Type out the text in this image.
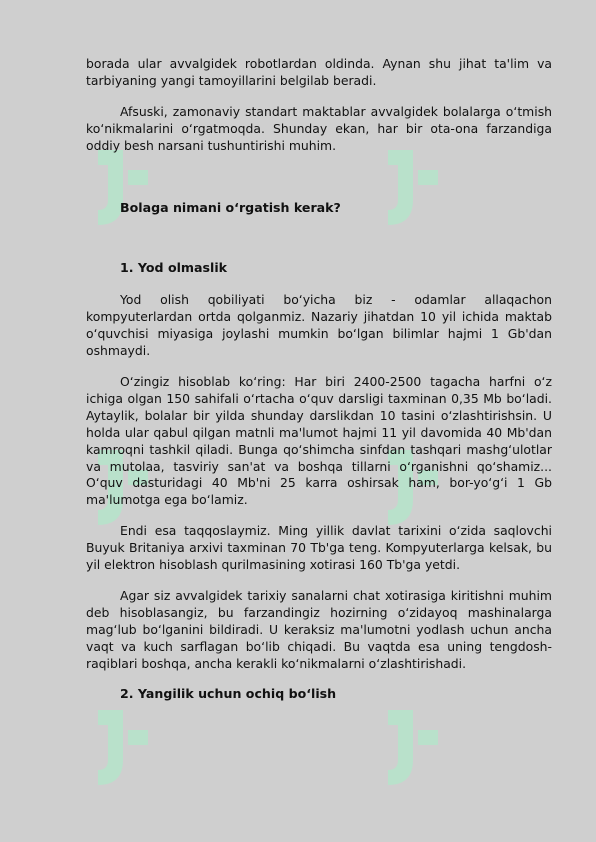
borada ular avvalgidek robotlardan oldinda. Aynan shu jihat ta'lim va tarbiyaning yangi tamoyillarini belgilab beradi.

Afsuski, zamonaviy standart maktablar avvalgidek bolalarga o‘tmish ko‘nikmalarini o‘rgatmoqda. Shunday ekan, har bir ota-ona farzandiga oddiy besh narsani tushuntirishi muhim.

Bolaga nimani o‘rgatish kerak?
1. Yod olmaslik

Yod olish qobiliyati bo‘yicha biz - odamlar allaqachon kompyuterlardan ortda qolganmiz. Nazariy jihatdan 10 yil ichida maktab o‘quvchisi miyasiga joylashi mumkin bo‘lgan bilimlar hajmi 1 Gb'dan oshmaydi.

O‘zingiz hisoblab ko‘ring: Har biri 2400-2500 tagacha harfni o‘z ichiga olgan 150 sahifali o‘rtacha o‘quv darsligi taxminan 0,35 Mb bo‘ladi. Aytaylik, bolalar bir yilda shunday darslikdan 10 tasini o‘zlashtirishsin. U holda ular qabul qilgan matnli ma'lumot hajmi 11 yil davomida 40 Mb'dan kamroqni tashkil qiladi. Bunga qo‘shimcha sinfdan tashqari mashg‘ulotlar va mutolaa, tasviriy san'at va boshqa tillarni o‘rganishni qo‘shamiz... O‘quv dasturidagi 40 Mb'ni 25 karra oshirsak ham, bor-yo‘g‘i 1 Gb ma'lumotga ega bo‘lamiz.

Endi esa taqqoslaymiz. Ming yillik davlat tarixini o‘zida saqlovchi Buyuk Britaniya arxivi taxminan 70 Tb'ga teng. Kompyuterlarga kelsak, bu yil elektron hisoblash qurilmasining xotirasi 160 Tb'ga yetdi.

Agar siz avvalgidek tarixiy sanalarni chat xotirasiga kiritishni muhim deb hisoblasangiz, bu farzandingiz hozirning o‘zidayoq mashinalarga mag‘lub bo‘lganini bildiradi. U keraksiz ma'lumotni yodlash uchun ancha vaqt va kuch sarflagan bo‘lib chiqadi. Bu vaqtda esa uning tengdosh-raqiblari boshqa, ancha kerakli ko‘nikmalarni o‘zlashtirishadi.

2. Yangilik uchun ochiq bo‘lish
